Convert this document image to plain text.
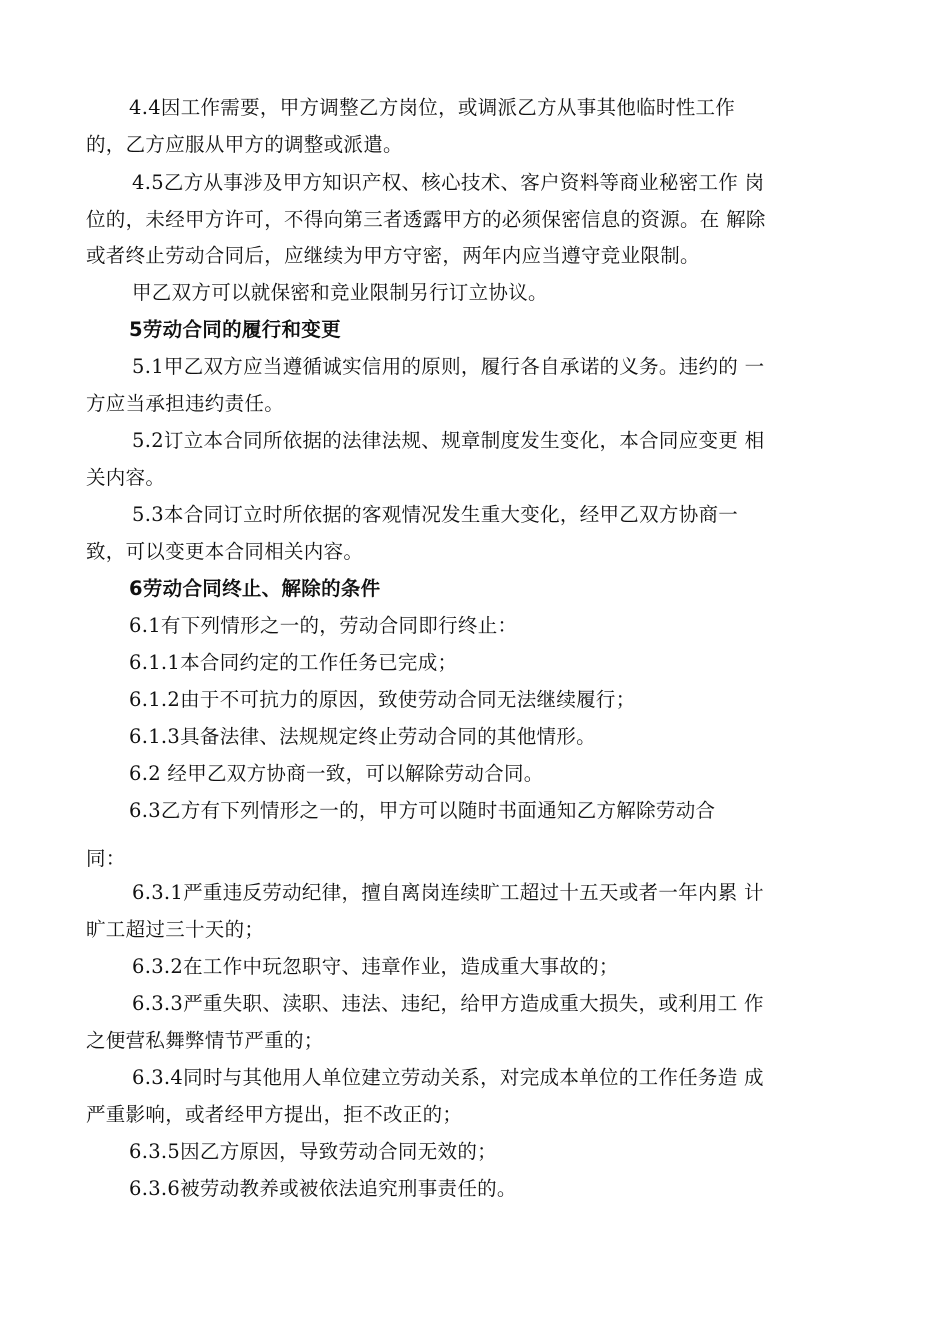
4.4因工作需要，甲方调整乙方岗位，或调派乙方从事其他临时性工作

的，乙方应服从甲方的调整或派遣。

4.5乙方从事涉及甲方知识产权、核心技术、客户资料等商业秘密工作 岗

位的，未经甲方许可，不得向第三者透露甲方的必须保密信息的资源。在 解除

或者终止劳动合同后，应继续为甲方守密，两年内应当遵守竞业限制。

甲乙双方可以就保密和竞业限制另行订立协议。

5劳动合同的履行和变更

5.1甲乙双方应当遵循诚实信用的原则，履行各自承诺的义务。违约的 一

方应当承担违约责任。

5.2订立本合同所依据的法律法规、规章制度发生变化，本合同应变更 相

关内容。

5.3本合同订立时所依据的客观情况发生重大变化，经甲乙双方协商一

致，可以变更本合同相关内容。

6劳动合同终止、解除的条件

6.1有下列情形之一的，劳动合同即行终止：

6.1.1本合同约定的工作任务已完成；

6.1.2由于不可抗力的原因，致使劳动合同无法继续履行；

6.1.3具备法律、法规规定终止劳动合同的其他情形。

6.2 经甲乙双方协商一致，可以解除劳动合同。

6.3乙方有下列情形之一的，甲方可以随时书面通知乙方解除劳动合

同：

6.3.1严重违反劳动纪律，擅自离岗连续旷工超过十五天或者一年内累 计

旷工超过三十天的；

6.3.2在工作中玩忽职守、违章作业，造成重大事故的；

6.3.3严重失职、渎职、违法、违纪，给甲方造成重大损失，或利用工 作

之便营私舞弊情节严重的；

6.3.4同时与其他用人单位建立劳动关系，对完成本单位的工作任务造 成

严重影响，或者经甲方提出，拒不改正的；

6.3.5因乙方原因，导致劳动合同无效的；

6.3.6被劳动教养或被依法追究刑事责任的。
